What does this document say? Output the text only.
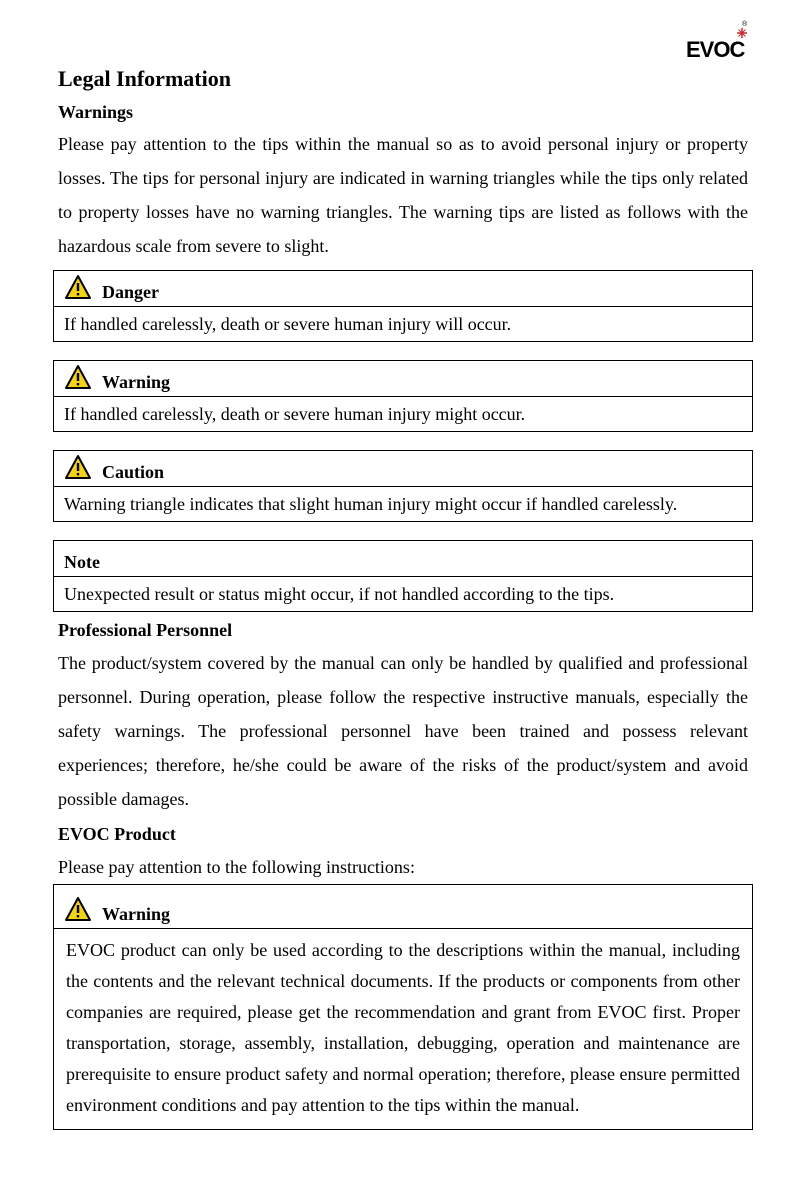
®
EVOC
Legal Information
Warnings

Please pay attention to the tips within the manual so as to avoid personal injury or property losses. The tips for personal injury are indicated in warning triangles while the tips only related to property losses have no warning triangles. The warning tips are listed as follows with the hazardous scale from severe to slight.

Danger
If handled carelessly, death or severe human injury will occur.
Warning
If handled carelessly, death or severe human injury might occur.
Caution
Warning triangle indicates that slight human injury might occur if handled carelessly.
Note
Unexpected result or status might occur, if not handled according to the tips.
Professional Personnel

The product/system covered by the manual can only be handled by qualified and professional personnel. During operation, please follow the respective instructive manuals, especially the safety warnings. The professional personnel have been trained and possess relevant experiences; therefore, he/she could be aware of the risks of the product/system and avoid possible damages.

EVOC Product

Please pay attention to the following instructions:

Warning
EVOC product can only be used according to the descriptions within the manual, including the contents and the relevant technical documents. If the products or components from other companies are required, please get the recommendation and grant from EVOC first. Proper transportation, storage, assembly, installation, debugging, operation and maintenance are prerequisite to ensure product safety and normal operation; therefore, please ensure permitted environment conditions and pay attention to the tips within the manual.
